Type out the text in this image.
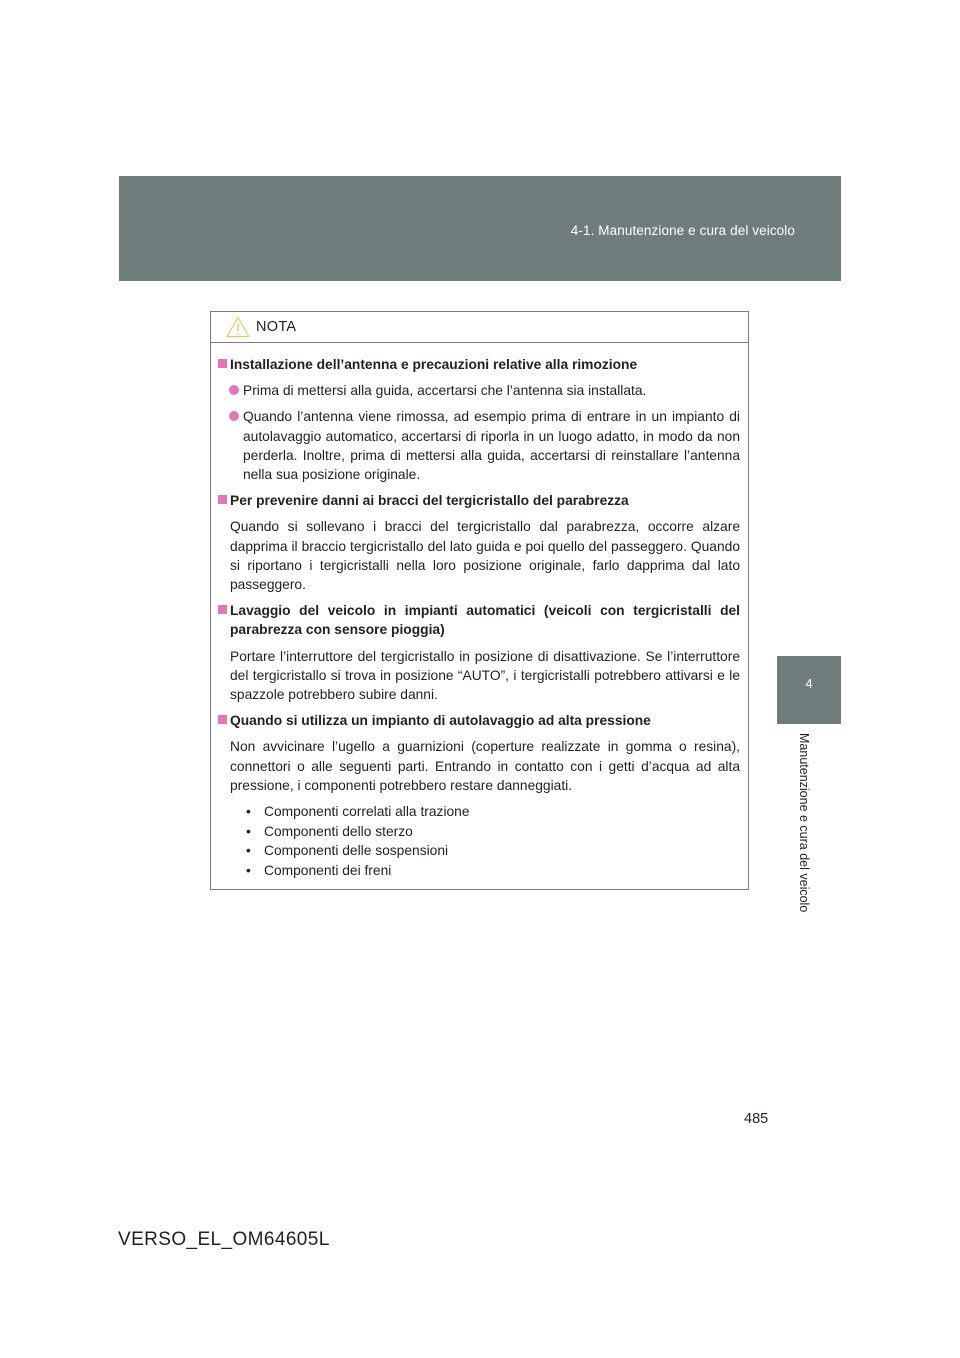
4-1. Manutenzione e cura del veicolo
4
Manutenzione e cura del veicolo
NOTA
Installazione dell’antenna e precauzioni relative alla rimozione
Prima di mettersi alla guida, accertarsi che l’antenna sia installata.
Quando l’antenna viene rimossa, ad esempio prima di entrare in un impianto di autolavaggio automatico, accertarsi di riporla in un luogo adatto, in modo da non perderla. Inoltre, prima di mettersi alla guida, accertarsi di reinstallare l’antenna nella sua posizione originale.
Per prevenire danni ai bracci del tergicristallo del parabrezza
Quando si sollevano i bracci del tergicristallo dal parabrezza, occorre alzare dapprima il braccio tergicristallo del lato guida e poi quello del passeggero. Quando si riportano i tergicristalli nella loro posizione originale, farlo dapprima dal lato passeggero.
Lavaggio del veicolo in impianti automatici (veicoli con tergicristalli del parabrezza con sensore pioggia)
Portare l’interruttore del tergicristallo in posizione di disattivazione. Se l’interruttore del tergicristallo si trova in posizione “AUTO”, i tergicristalli potrebbero attivarsi e le spazzole potrebbero subire danni.
Quando si utilizza un impianto di autolavaggio ad alta pressione
Non avvicinare l’ugello a guarnizioni (coperture realizzate in gomma o resina), connettori o alle seguenti parti. Entrando in contatto con i getti d’acqua ad alta pressione, i componenti potrebbero restare danneggiati.
• Componenti correlati alla trazione
• Componenti dello sterzo
• Componenti delle sospensioni
• Componenti dei freni
485
VERSO_EL_OM64605L
